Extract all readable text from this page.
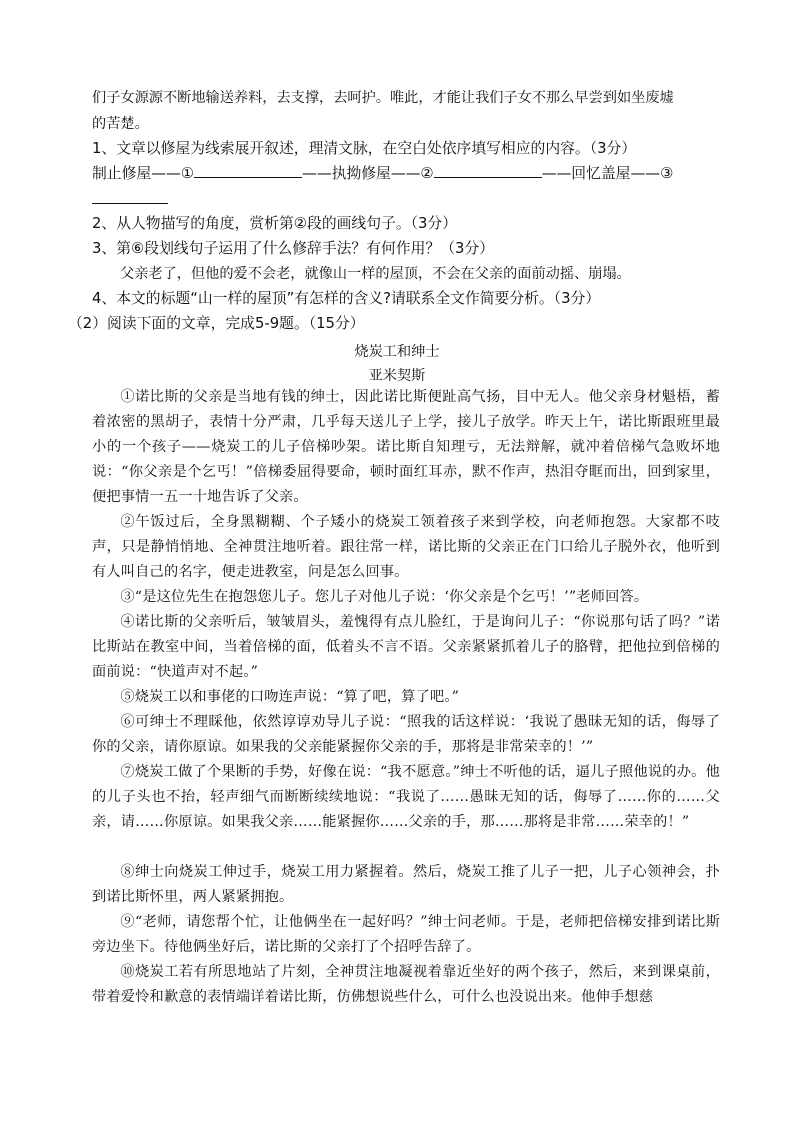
们子女源源不断地输送养料，去支撑，去呵护。唯此，才能让我们子女不那么早尝到如坐废墟
的苦楚。
1、文章以修屋为线索展开叙述，理清文脉，在空白处依序填写相应的内容。（3分）
制止修屋——①	——执拗修屋——②	——回忆盖屋——③
2、从人物描写的角度，赏析第②段的画线句子。（3分）
3、第⑥段划线句子运用了什么修辞手法？有何作用？（3分）
父亲老了，但他的爱不会老，就像山一样的屋顶，不会在父亲的面前动摇、崩塌。
4、本文的标题“山一样的屋顶”有怎样的含义?请联系全文作简要分析。（3分）
（2）阅读下面的文章，完成5-9题。（15分）
烧炭工和绅士
亚米契斯
①诺比斯的父亲是当地有钱的绅士，因此诺比斯便趾高气扬，目中无人。他父亲身材魁梧，蓄着浓密的黑胡子，表情十分严肃，几乎每天送儿子上学，接儿子放学。昨天上午，诺比斯跟班里最小的一个孩子——烧炭工的儿子倍梯吵架。诺比斯自知理亏，无法辩解，就冲着倍梯气急败坏地说：“你父亲是个乞丐！”倍梯委屈得要命，顿时面红耳赤，默不作声，热泪夺眶而出，回到家里，便把事情一五一十地告诉了父亲。
②午饭过后，全身黑糊糊、个子矮小的烧炭工领着孩子来到学校，向老师抱怨。大家都不吱声，只是静悄悄地、全神贯注地听着。跟往常一样，诺比斯的父亲正在门口给儿子脱外衣，他听到有人叫自己的名字，便走进教室，问是怎么回事。
③“是这位先生在抱怨您儿子。您儿子对他儿子说：‘你父亲是个乞丐！’”老师回答。
④诺比斯的父亲听后，皱皱眉头，羞愧得有点儿脸红，于是询问儿子：“你说那句话了吗？”诺比斯站在教室中间，当着倍梯的面，低着头不言不语。父亲紧紧抓着儿子的胳臂，把他拉到倍梯的面前说：“快道声对不起。”
⑤烧炭工以和事佬的口吻连声说：“算了吧，算了吧。”
⑥可绅士不理睬他，依然谆谆劝导儿子说：“照我的话这样说：‘我说了愚昧无知的话，侮辱了你的父亲，请你原谅。如果我的父亲能紧握你父亲的手，那将是非常荣幸的！’”
⑦烧炭工做了个果断的手势，好像在说：“我不愿意。”绅士不听他的话，逼儿子照他说的办。他的儿子头也不抬，轻声细气而断断续续地说：“我说了……愚昧无知的话，侮辱了……你的……父亲，请……你原谅。如果我父亲……能紧握你……父亲的手，那……那将是非常……荣幸的！”
⑧绅士向烧炭工伸过手，烧炭工用力紧握着。然后，烧炭工推了儿子一把，儿子心领神会，扑到诺比斯怀里，两人紧紧拥抱。
⑨“老师，请您帮个忙，让他俩坐在一起好吗？”绅士问老师。于是，老师把倍梯安排到诺比斯旁边坐下。待他俩坐好后，诺比斯的父亲打了个招呼告辞了。
⑩烧炭工若有所思地站了片刻，全神贯注地凝视着靠近坐好的两个孩子，然后，来到课桌前，带着爱怜和歉意的表情端详着诺比斯，仿佛想说些什么，可什么也没说出来。他伸手想慈
